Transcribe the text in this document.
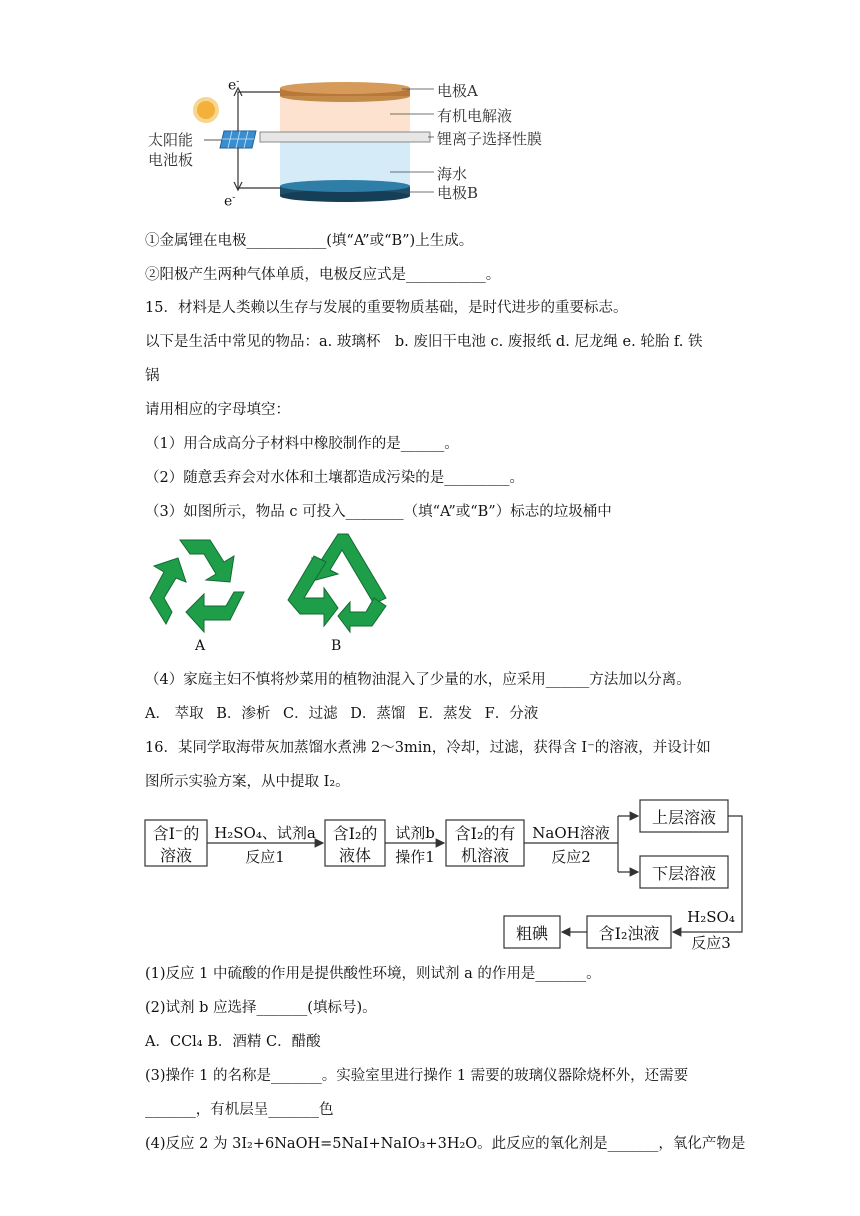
太阳能
电池板
e-
e-
电极A
有机电解液
锂离子选择性膜
海水
电极B
①金属锂在电极___________(填“A”或“B”)上生成。
②阳极产生两种气体单质，电极反应式是___________。
15．材料是人类赖以生存与发展的重要物质基础，是时代进步的重要标志。
以下是生活中常见的物品：a. 玻璃杯　b. 废旧干电池 c. 废报纸 d. 尼龙绳 e. 轮胎 f. 铁
锅
请用相应的字母填空：
（1）用合成高分子材料中橡胶制作的是______。
（2）随意丢弃会对水体和土壤都造成污染的是_________。
（3）如图所示，物品 c 可投入________（填“A”或“B”）标志的垃圾桶中
A	B
（4）家庭主妇不慎将炒菜用的植物油混入了少量的水，应采用______方法加以分离。
A． 萃取 B．渗析 C．过滤 D．蒸馏 E．蒸发 F．分液
16．某同学取海带灰加蒸馏水煮沸 2～3min，冷却，过滤，获得含 I⁻的溶液，并设计如
图所示实验方案，从中提取 I₂。
含I⁻的
溶液
H₂SO₄、试剂a
反应1
含I₂的
液体
试剂b
操作1
含I₂的有
机溶液
NaOH溶液
反应2
上层溶液
下层溶液
H₂SO₄
反应3
含I₂浊液
粗碘
(1)反应 1 中硫酸的作用是提供酸性环境，则试剂 a 的作用是_______。
(2)试剂 b 应选择_______(填标号)。
A．CCl₄ B．酒精 C．醋酸
(3)操作 1 的名称是_______。实验室里进行操作 1 需要的玻璃仪器除烧杯外，还需要
_______，有机层呈_______色
(4)反应 2 为 3I₂+6NaOH=5NaI+NaIO₃+3H₂O。此反应的氧化剂是_______，氧化产物是
